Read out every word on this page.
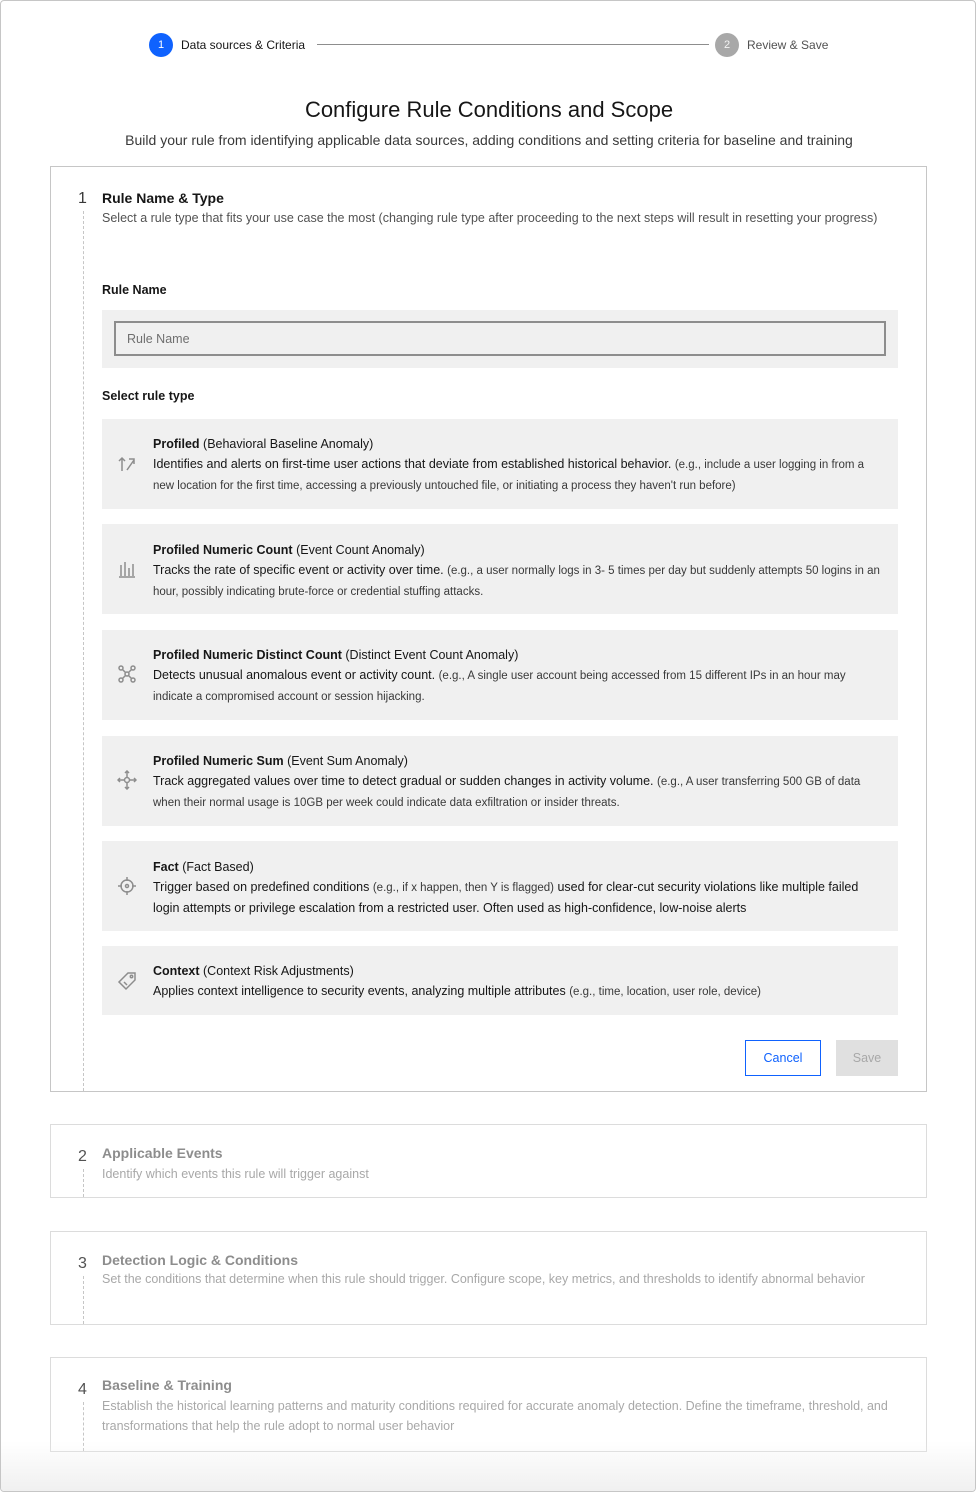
1	Data sources & Criteria	2	Review & Save
Configure Rule Conditions and Scope

Build your rule from identifying applicable data sources, adding conditions and setting criteria for baseline and training

1 Rule Name & Type
Select a rule type that fits your use case the most (changing rule type after proceeding to the next steps will result in resetting your progress)
Rule Name
Rule Name
Select rule type
Profiled (Behavioral Baseline Anomaly)
Identifies and alerts on first-time user actions that deviate from established historical behavior. (e.g., include a user logging in from a new location for the first time, accessing a previously untouched file, or initiating a process they haven't run before)
Profiled Numeric Count (Event Count Anomaly)
Tracks the rate of specific event or activity over time. (e.g., a user normally logs in 3- 5 times per day but suddenly attempts 50 logins in an hour, possibly indicating brute-force or credential stuffing attacks.
Profiled Numeric Distinct Count (Distinct Event Count Anomaly)
Detects unusual anomalous event or activity count. (e.g., A single user account being accessed from 15 different IPs in an hour may indicate a compromised account or session hijacking.
Profiled Numeric Sum (Event Sum Anomaly)
Track aggregated values over time to detect gradual or sudden changes in activity volume. (e.g., A user transferring 500 GB of data when their normal usage is 10GB per week could indicate data exfiltration or insider threats.
Fact (Fact Based)
Trigger based on predefined conditions (e.g., if x happen, then Y is flagged) used for clear-cut security violations like multiple failed login attempts or privilege escalation from a restricted user. Often used as high-confidence, low-noise alerts
Context (Context Risk Adjustments)
Applies context intelligence to security events, analyzing multiple attributes (e.g., time, location, user role, device)
Cancel	Save
2 Applicable Events
Identify which events this rule will trigger against
3 Detection Logic & Conditions
Set the conditions that determine when this rule should trigger. Configure scope, key metrics, and thresholds to identify abnormal behavior
4 Baseline & Training
Establish the historical learning patterns and maturity conditions required for accurate anomaly detection. Define the timeframe, threshold, and transformations that help the rule adopt to normal user behavior
